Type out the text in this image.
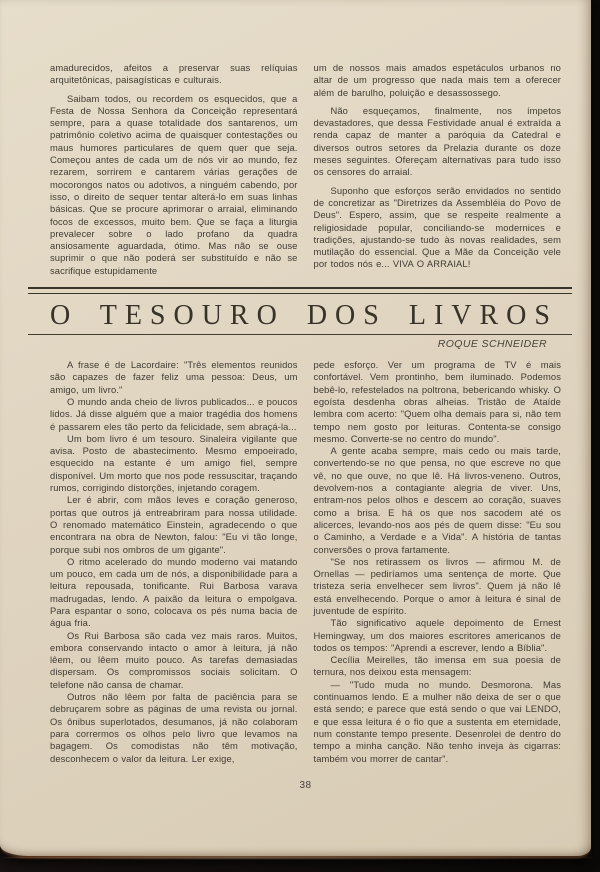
amadurecidos, afeitos a preservar suas relíquias arquitetônicas, paisagísticas e culturais.

Saibam todos, ou recordem os esquecidos, que a Festa de Nossa Senhora da Conceição representará sempre, para a quase totalidade dos santarenos, um patrimônio coletivo acima de quaisquer contestações ou maus humores particulares de quem quer que seja. Começou antes de cada um de nós vir ao mundo, fez rezarem, sorrirem e cantarem várias gerações de mocorongos natos ou adotivos, a ninguém cabendo, por isso, o direito de sequer tentar alterá-lo em suas linhas básicas. Que se procure aprimorar o arraial, eliminando focos de excessos, muito bem. Que se faça a liturgia prevalecer sobre o lado profano da quadra ansiosamente aguardada, ótimo. Mas não se ouse suprimir o que não poderá ser substituído e não se sacrifique estupidamente

um de nossos mais amados espetáculos urbanos no altar de um progresso que nada mais tem a oferecer além de barulho, poluição e desassossego.

Não esqueçamos, finalmente, nos ímpetos devastadores, que dessa Festividade anual é extraída a renda capaz de manter a paróquia da Catedral e diversos outros setores da Prelazia durante os doze meses seguintes. Ofereçam alternativas para tudo isso os censores do arraial.

Suponho que esforços serão envidados no sentido de concretizar as "Diretrizes da Assembléia do Povo de Deus". Espero, assim, que se respeite realmente a religiosidade popular, conciliando-se modernices e tradições, ajustando-se tudo às novas realidades, sem mutilação do essencial. Que a Mãe da Conceição vele por todos nós e... VIVA O ARRAIAL!

O TESOURO DOS LIVROS
ROQUE SCHNEIDER

A frase é de Lacordaire: "Três elementos reunidos são capazes de fazer feliz uma pessoa: Deus, um amigo, um livro."

O mundo anda cheio de livros publicados... e poucos lidos. Já disse alguém que a maior tragédia dos homens é passarem eles tão perto da felicidade, sem abraçá-la...

Um bom livro é um tesouro. Sinaleira vigilante que avisa. Posto de abastecimento. Mesmo empoeirado, esquecido na estante é um amigo fiel, sempre disponível. Um morto que nos pode ressuscitar, traçando rumos, corrigindo distorções, injetando coragem.

Ler é abrir, com mãos leves e coração generoso, portas que outros já entreabriram para nossa utilidade. O renomado matemático Einstein, agradecendo o que encontrara na obra de Newton, falou: "Eu vi tão longe, porque subi nos ombros de um gigante".

O ritmo acelerado do mundo moderno vai matando um pouco, em cada um de nós, a disponibilidade para a leitura repousada, tonificante. Rui Barbosa varava madrugadas, lendo. A paixão da leitura o empolgava. Para espantar o sono, colocava os pés numa bacia de água fria.

Os Rui Barbosa são cada vez mais raros. Muitos, embora conservando intacto o amor à leitura, já não lêem, ou lêem muito pouco. As tarefas demasiadas dispersam. Os compromissos sociais solicitam. O telefone não cansa de chamar.

Outros não lêem por falta de paciência para se debruçarem sobre as páginas de uma revista ou jornal. Os ônibus superlotados, desumanos, já não colaboram para corrermos os olhos pelo livro que levamos na bagagem. Os comodistas não têm motivação, desconhecem o valor da leitura. Ler exige,

pede esforço. Ver um programa de TV é mais confortável. Vem prontinho, bem iluminado. Podemos bebê-lo, refestelados na poltrona, bebericando whisky. O egoísta desdenha obras alheias. Tristão de Ataíde lembra com acerto: "Quem olha demais para si, não tem tempo nem gosto por leituras. Contenta-se consigo mesmo. Converte-se no centro do mundo".

A gente acaba sempre, mais cedo ou mais tarde, convertendo-se no que pensa, no que escreve no que vê, no que ouve, no que lê. Há livros-veneno. Outros, devolvem-nos a contagiante alegria de viver. Uns, entram-nos pelos olhos e descem ao coração, suaves como a brisa. E há os que nos sacodem até os alicerces, levando-nos aos pés de quem disse: "Eu sou o Caminho, a Verdade e a Vida". A história de tantas conversões o prova fartamente.

"Se nos retirassem os livros — afirmou M. de Ornellas — pediríamos uma sentença de morte. Que tristeza seria envelhecer sem livros". Quem já não lê está envelhecendo. Porque o amor à leitura é sinal de juventude de espírito.

Tão significativo aquele depoimento de Ernest Hemingway, um dos maiores escritores americanos de todos os tempos: "Aprendi a escrever, lendo a Bíblia".

Cecília Meirelles, tão imensa em sua poesia de ternura, nos deixou esta mensagem:

— "Tudo muda no mundo. Desmorona. Mas continuamos lendo. E a mulher não deixa de ser o que está sendo; e parece que está sendo o que vai LENDO, e que essa leitura é o fio que a sustenta em eternidade, num constante tempo presente. Desenrolei de dentro do tempo a minha canção. Não tenho inveja às cigarras: também vou morrer de cantar".

38
